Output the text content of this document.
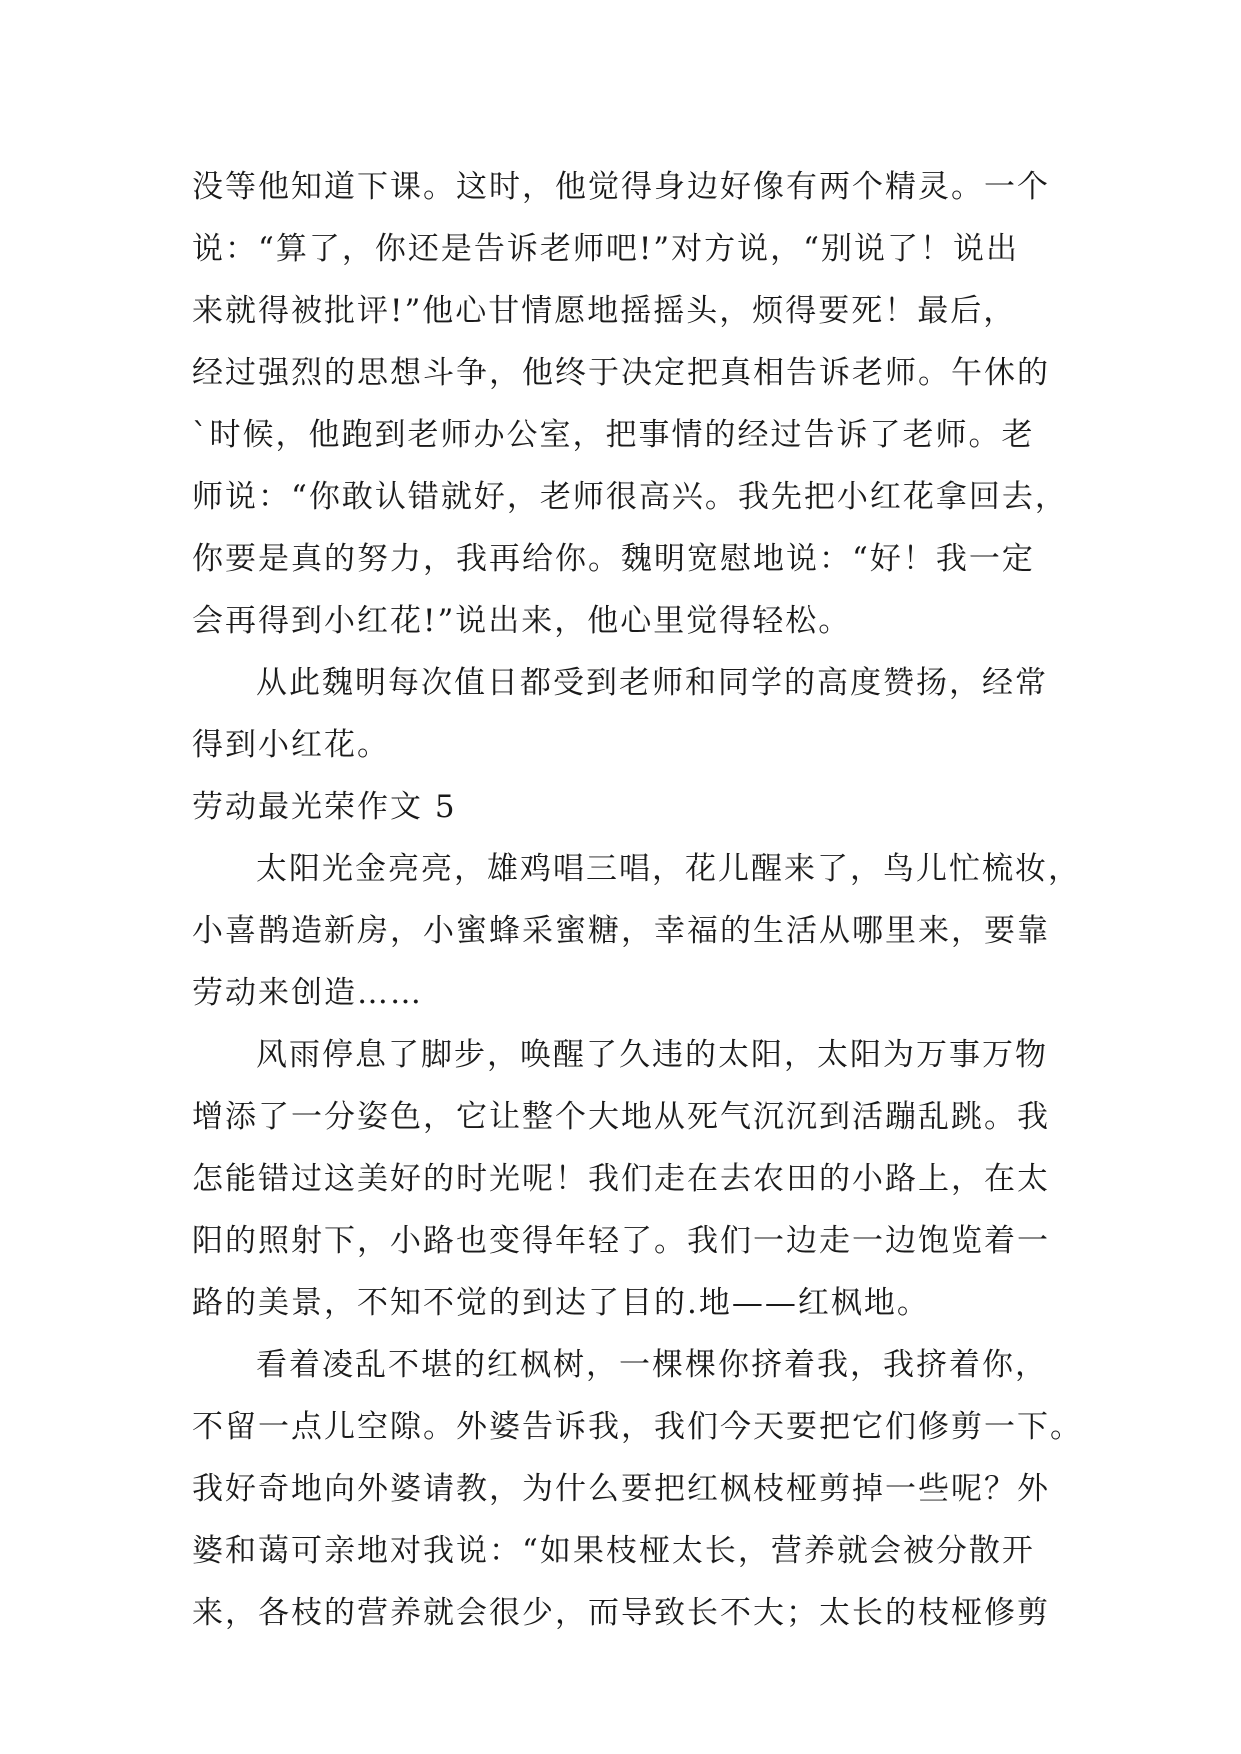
没等他知道下课。这时，他觉得身边好像有两个精灵。一个
说：“算了，你还是告诉老师吧!”对方说，“别说了！说出
来就得被批评!”他心甘情愿地摇摇头，烦得要死！最后，
经过强烈的思想斗争，他终于决定把真相告诉老师。午休的
`时候，他跑到老师办公室，把事情的经过告诉了老师。老
师说：“你敢认错就好，老师很高兴。我先把小红花拿回去，
你要是真的努力，我再给你。魏明宽慰地说：“好！我一定
会再得到小红花!”说出来，他心里觉得轻松。
从此魏明每次值日都受到老师和同学的高度赞扬，经常
得到小红花。
劳动最光荣作文 5
太阳光金亮亮，雄鸡唱三唱，花儿醒来了，鸟儿忙梳妆，
小喜鹊造新房，小蜜蜂采蜜糖，幸福的生活从哪里来，要靠
劳动来创造……
风雨停息了脚步，唤醒了久违的太阳，太阳为万事万物
增添了一分姿色，它让整个大地从死气沉沉到活蹦乱跳。我
怎能错过这美好的时光呢！我们走在去农田的小路上，在太
阳的照射下，小路也变得年轻了。我们一边走一边饱览着一
路的美景，不知不觉的到达了目的.地——红枫地。
看着凌乱不堪的红枫树，一棵棵你挤着我，我挤着你，
不留一点儿空隙。外婆告诉我，我们今天要把它们修剪一下。
我好奇地向外婆请教，为什么要把红枫枝桠剪掉一些呢？外
婆和蔼可亲地对我说：“如果枝桠太长，营养就会被分散开
来，各枝的营养就会很少，而导致长不大；太长的枝桠修剪
